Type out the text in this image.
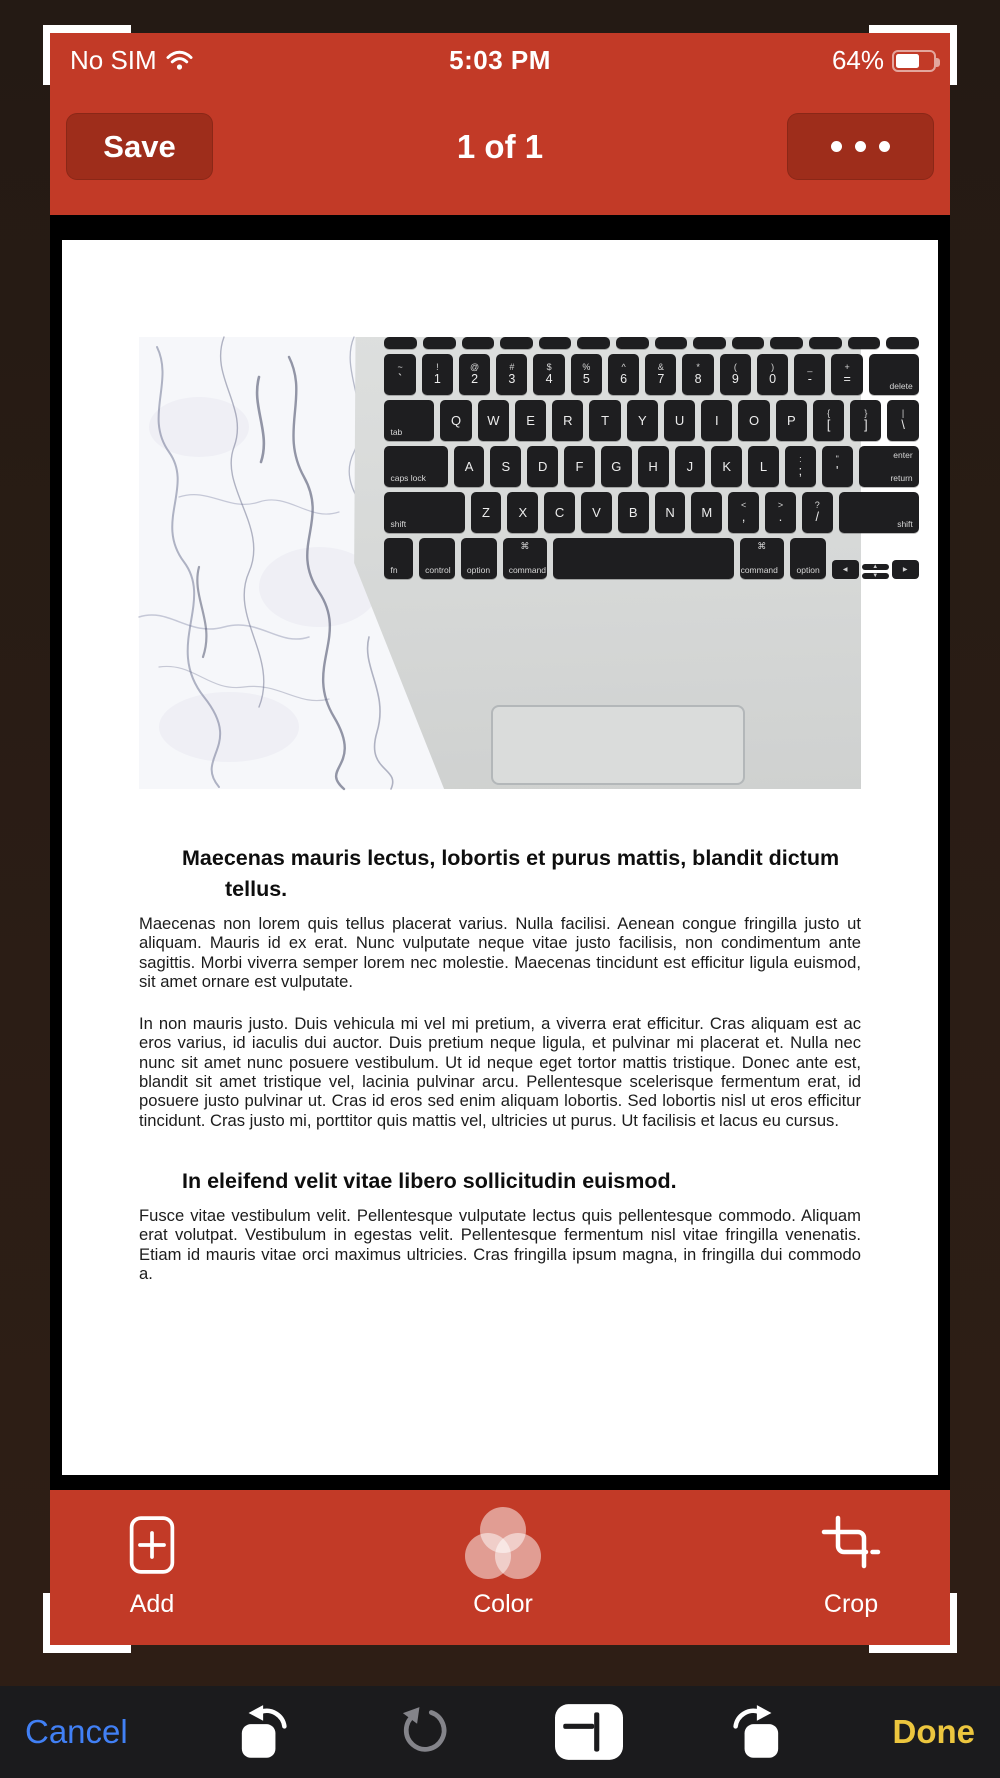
No SIM	5:03 PM	64%
Save	1 of 1
~
`
!
1
@
2
#
3
$
4
%
5
^
6
&
7
*
8
(
9
)
0
_
-
+
=
delete
tab
Q	W	E	R	T	Y	U	I	O	P	{
[
}
]
|
\
caps lock
A	S	D	F	G	H	J	K	L	:
;
"
'
enter
return
shift
Z	X	C	V	B	N	M	<
,
>
.
?
/
shift
fn	control option
⌘
command
⌘
command option	◀	▲
▼
▶
Maecenas mauris lectus, lobortis et purus mattis, blandit dictum tellus.
Maecenas non lorem quis tellus placerat varius. Nulla facilisi. Aenean congue fringilla justo ut aliquam. Mauris id ex erat. Nunc vulputate neque vitae justo facilisis, non condimentum ante sagittis. Morbi viverra semper lorem nec molestie. Maecenas tincidunt est efficitur ligula euismod, sit amet ornare est vulputate.
In non mauris justo. Duis vehicula mi vel mi pretium, a viverra erat efficitur. Cras aliquam est ac eros varius, id iaculis dui auctor. Duis pretium neque ligula, et pulvinar mi placerat et. Nulla nec nunc sit amet nunc posuere vestibulum. Ut id neque eget tortor mattis tristique. Donec ante est, blandit sit amet tristique vel, lacinia pulvinar arcu. Pellentesque scelerisque fermentum erat, id posuere justo pulvinar ut. Cras id eros sed enim aliquam lobortis. Sed lobortis nisl ut eros efficitur tincidunt. Cras justo mi, porttitor quis mattis vel, ultricies ut purus. Ut facilisis et lacus eu cursus.
In eleifend velit vitae libero sollicitudin euismod.
Fusce vitae vestibulum velit. Pellentesque vulputate lectus quis pellentesque commodo. Aliquam erat volutpat. Vestibulum in egestas velit. Pellentesque fermentum nisl vitae fringilla venenatis. Etiam id mauris vitae orci maximus ultricies. Cras fringilla ipsum magna, in fringilla dui commodo a.
Add	Color	Crop
Cancel	Done
